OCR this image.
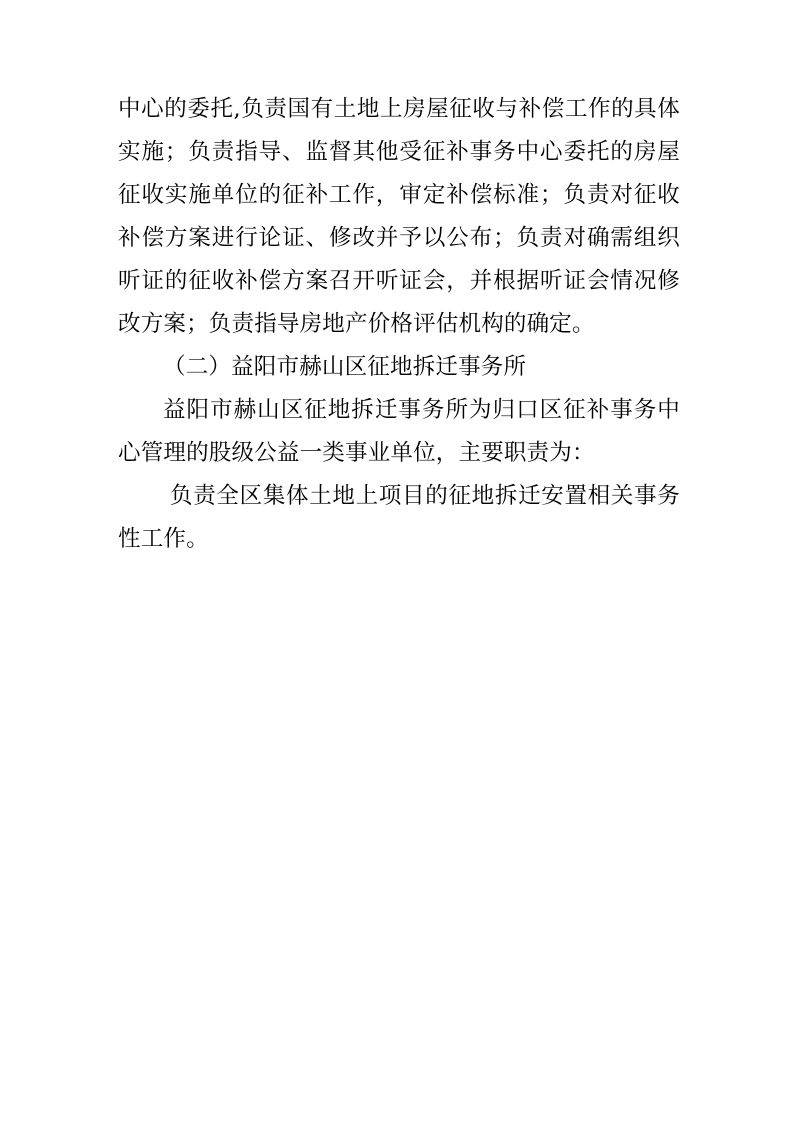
中心的委托,负责国有土地上房屋征收与补偿工作的具体实施；负责指导、监督其他受征补事务中心委托的房屋征收实施单位的征补工作，审定补偿标准；负责对征收补偿方案进行论证、修改并予以公布；负责对确需组织听证的征收补偿方案召开听证会，并根据听证会情况修改方案；负责指导房地产价格评估机构的确定。

（二）益阳市赫山区征地拆迁事务所

益阳市赫山区征地拆迁事务所为归口区征补事务中心管理的股级公益一类事业单位，主要职责为：

负责全区集体土地上项目的征地拆迁安置相关事务性工作。
